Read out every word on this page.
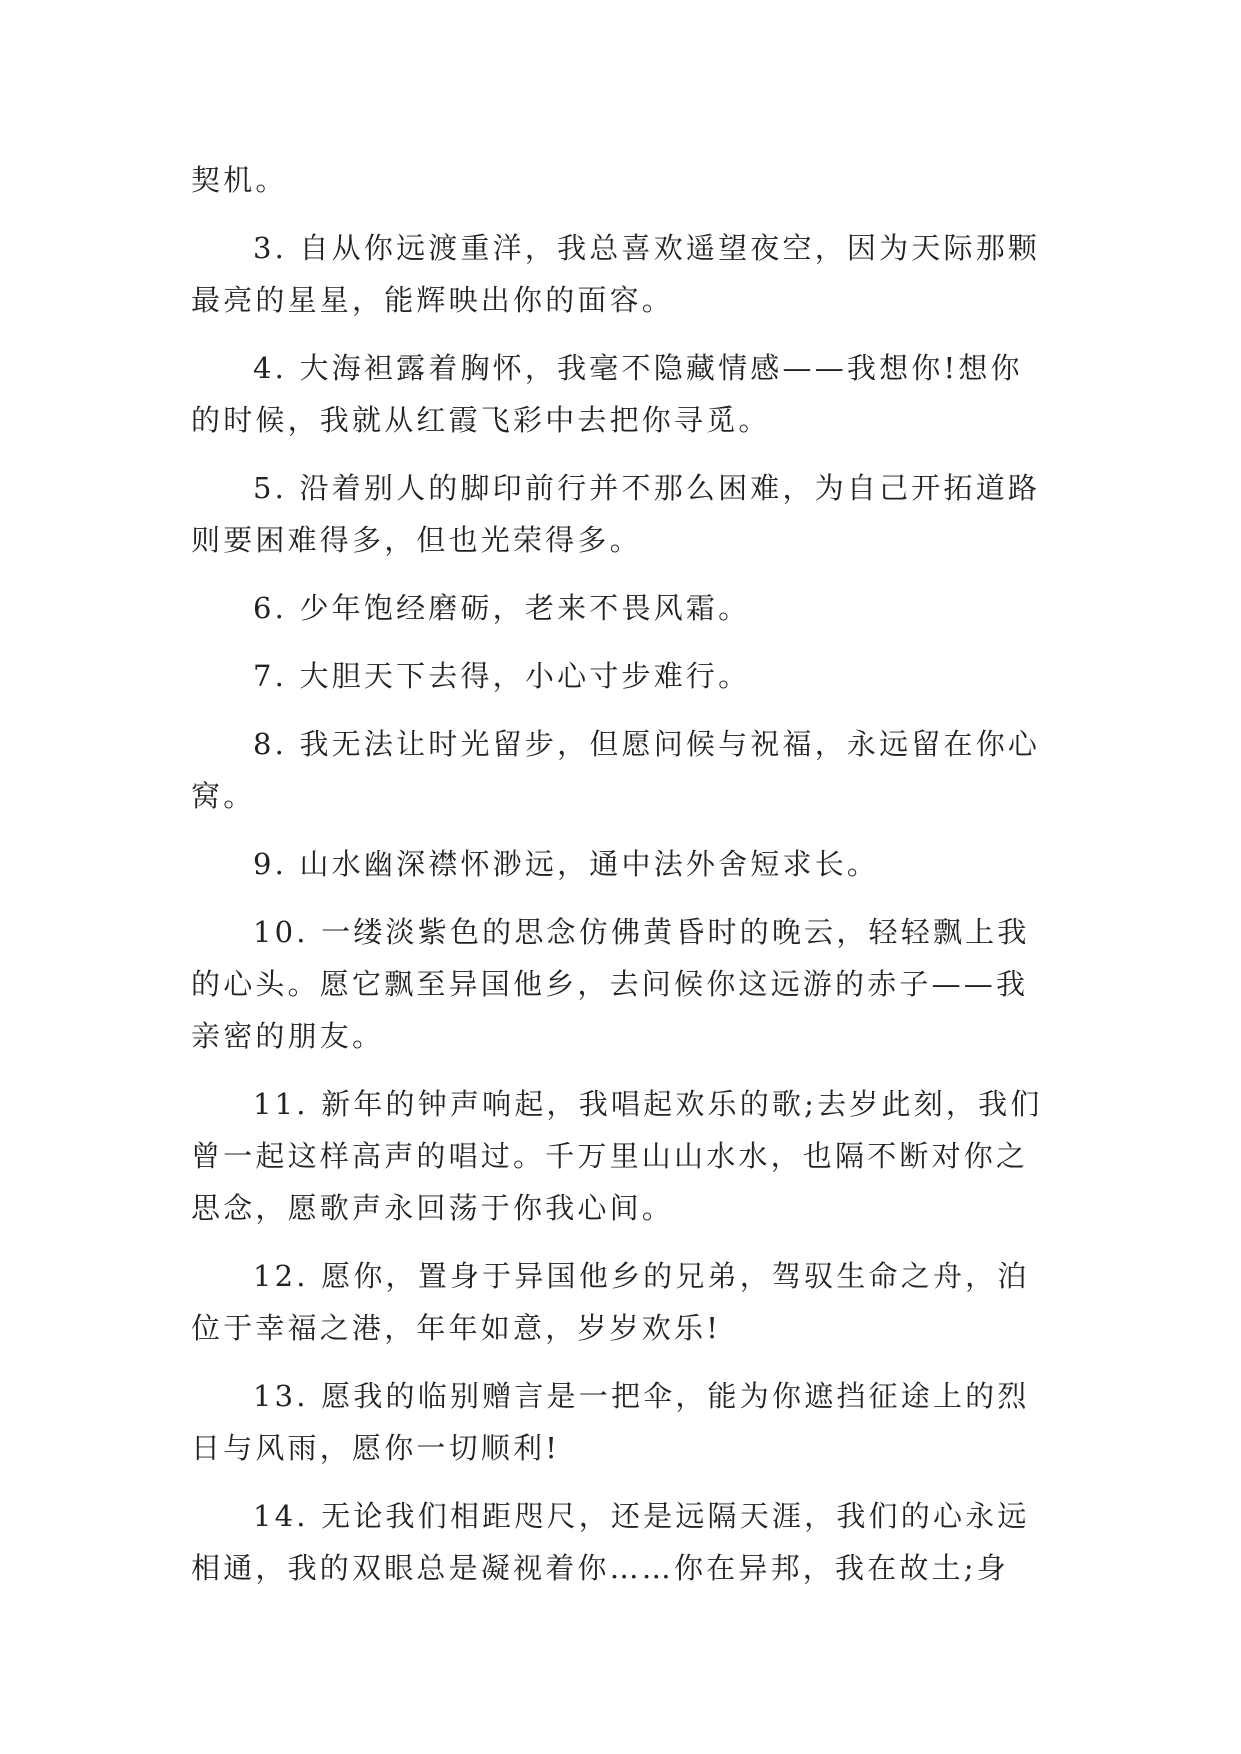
契机。
3. 自从你远渡重洋，我总喜欢遥望夜空，因为天际那颗
最亮的星星，能辉映出你的面容。
4. 大海袒露着胸怀，我毫不隐藏情感——我想你!想你
的时候，我就从红霞飞彩中去把你寻觅。
5. 沿着别人的脚印前行并不那么困难，为自己开拓道路
则要困难得多，但也光荣得多。
6. 少年饱经磨砺，老来不畏风霜。
7. 大胆天下去得，小心寸步难行。
8. 我无法让时光留步，但愿问候与祝福，永远留在你心
窝。
9. 山水幽深襟怀渺远，通中法外舍短求长。
10. 一缕淡紫色的思念仿佛黄昏时的晚云，轻轻飘上我
的心头。愿它飘至异国他乡，去问候你这远游的赤子——我
亲密的朋友。
11. 新年的钟声响起，我唱起欢乐的歌;去岁此刻，我们
曾一起这样高声的唱过。千万里山山水水，也隔不断对你之
思念，愿歌声永回荡于你我心间。
12. 愿你，置身于异国他乡的兄弟，驾驭生命之舟，泊
位于幸福之港，年年如意，岁岁欢乐!
13. 愿我的临别赠言是一把伞，能为你遮挡征途上的烈
日与风雨，愿你一切顺利!
14. 无论我们相距咫尺，还是远隔天涯，我们的心永远
相通，我的双眼总是凝视着你……你在异邦，我在故土;身
